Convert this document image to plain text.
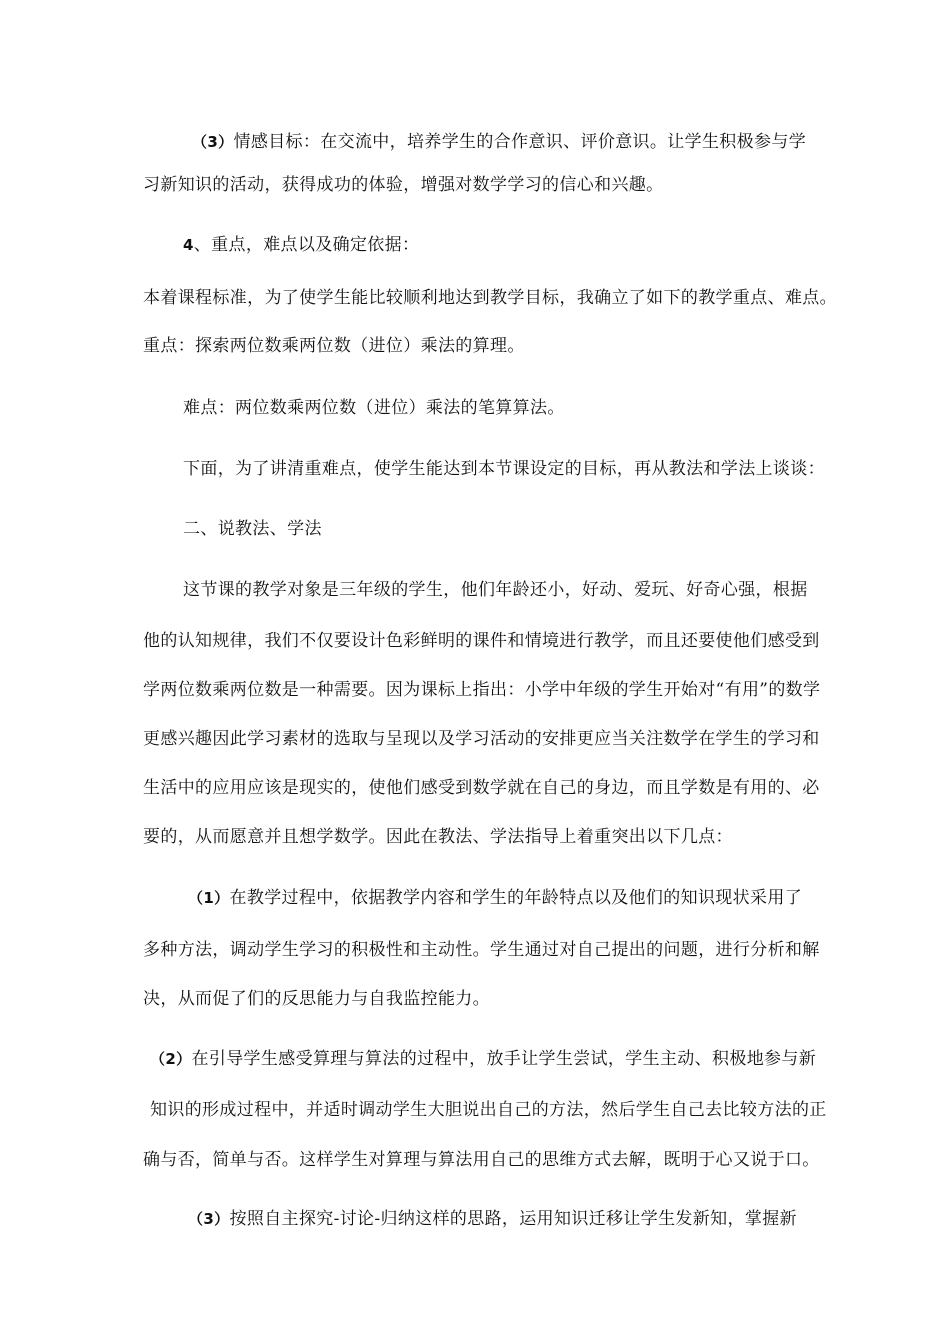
（3）情感目标：在交流中，培养学生的合作意识、评价意识。让学生积极参与学
习新知识的活动，获得成功的体验，增强对数学学习的信心和兴趣。
4、重点，难点以及确定依据：
本着课程标准，为了使学生能比较顺利地达到教学目标，我确立了如下的教学重点、难点。
重点：探索两位数乘两位数（进位）乘法的算理。
难点：两位数乘两位数（进位）乘法的笔算算法。
下面，为了讲清重难点，使学生能达到本节课设定的目标，再从教法和学法上谈谈：
二、说教法、学法
这节课的教学对象是三年级的学生，他们年龄还小，好动、爱玩、好奇心强，根据
他的认知规律，我们不仅要设计色彩鲜明的课件和情境进行教学，而且还要使他们感受到
学两位数乘两位数是一种需要。因为课标上指出：小学中年级的学生开始对“有用”的数学
更感兴趣因此学习素材的选取与呈现以及学习活动的安排更应当关注数学在学生的学习和
生活中的应用应该是现实的，使他们感受到数学就在自己的身边，而且学数是有用的、必
要的，从而愿意并且想学数学。因此在教法、学法指导上着重突出以下几点：
（1）在教学过程中，依据教学内容和学生的年龄特点以及他们的知识现状采用了
多种方法，调动学生学习的积极性和主动性。学生通过对自己提出的问题，进行分析和解
决，从而促了们的反思能力与自我监控能力。
（2）在引导学生感受算理与算法的过程中，放手让学生尝试，学生主动、积极地参与新
知识的形成过程中，并适时调动学生大胆说出自己的方法，然后学生自己去比较方法的正
确与否，简单与否。这样学生对算理与算法用自己的思维方式去解，既明于心又说于口。
（3）按照自主探究-讨论-归纳这样的思路，运用知识迁移让学生发新知，掌握新
